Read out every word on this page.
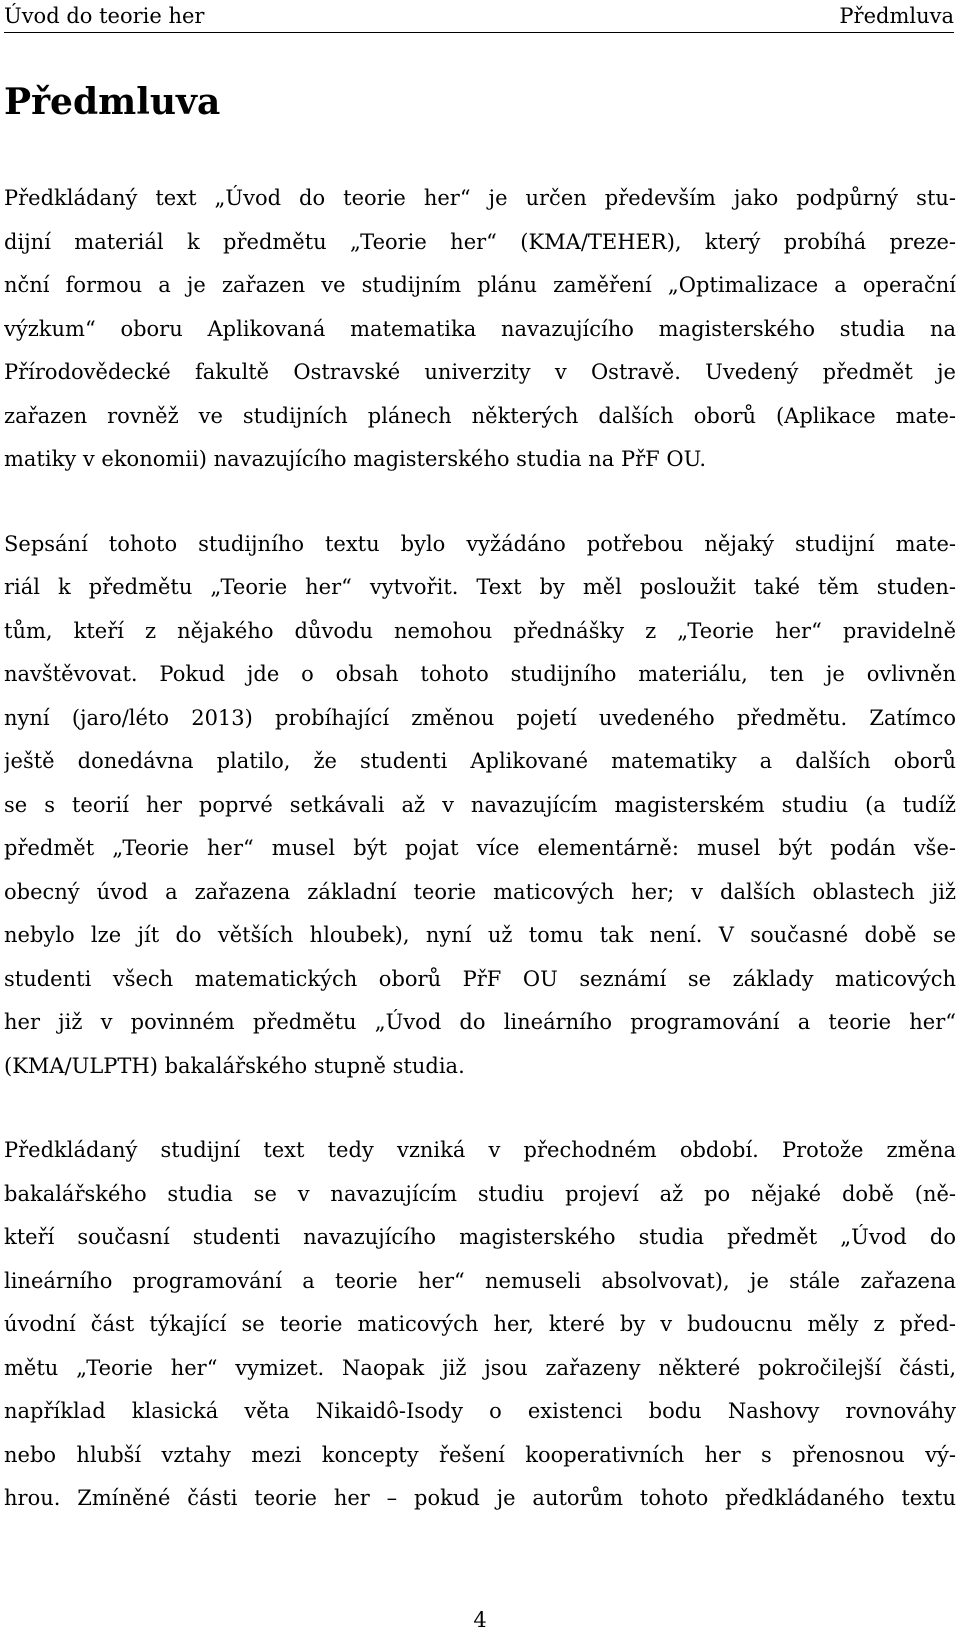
Úvod do teorie her	Předmluva
Předmluva
Předkládaný text „Úvod do teorie her“ je určen především jako podpůrný stu-
dijní materiál k předmětu „Teorie her“ (KMA/TEHER), který probíhá preze-
nční formou a je zařazen ve studijním plánu zaměření „Optimalizace a operační
výzkum“ oboru Aplikovaná matematika navazujícího magisterského studia na
Přírodovědecké fakultě Ostravské univerzity v Ostravě. Uvedený předmět je
zařazen rovněž ve studijních plánech některých dalších oborů (Aplikace mate-
matiky v ekonomii) navazujícího magisterského studia na PřF OU.
Sepsání tohoto studijního textu bylo vyžádáno potřebou nějaký studijní mate-
riál k předmětu „Teorie her“ vytvořit. Text by měl posloužit také těm studen-
tům, kteří z nějakého důvodu nemohou přednášky z „Teorie her“ pravidelně
navštěvovat. Pokud jde o obsah tohoto studijního materiálu, ten je ovlivněn
nyní (jaro/léto 2013) probíhající změnou pojetí uvedeného předmětu. Zatímco
ještě donedávna platilo, že studenti Aplikované matematiky a dalších oborů
se s teorií her poprvé setkávali až v navazujícím magisterském studiu (a tudíž
předmět „Teorie her“ musel být pojat více elementárně: musel být podán vše-
obecný úvod a zařazena základní teorie maticových her; v dalších oblastech již
nebylo lze jít do větších hloubek), nyní už tomu tak není. V současné době se
studenti všech matematických oborů PřF OU seznámí se základy maticových
her již v povinném předmětu „Úvod do lineárního programování a teorie her“
(KMA/ULPTH) bakalářského stupně studia.
Předkládaný studijní text tedy vzniká v přechodném období. Protože změna
bakalářského studia se v navazujícím studiu projeví až po nějaké době (ně-
kteří současní studenti navazujícího magisterského studia předmět „Úvod do
lineárního programování a teorie her“ nemuseli absolvovat), je stále zařazena
úvodní část týkající se teorie maticových her, které by v budoucnu měly z před-
mětu „Teorie her“ vymizet. Naopak již jsou zařazeny některé pokročilejší části,
například klasická věta Nikaidô-Isody o existenci bodu Nashovy rovnováhy
nebo hlubší vztahy mezi koncepty řešení kooperativních her s přenosnou vý-
hrou. Zmíněné části teorie her – pokud je autorům tohoto předkládaného textu
4
